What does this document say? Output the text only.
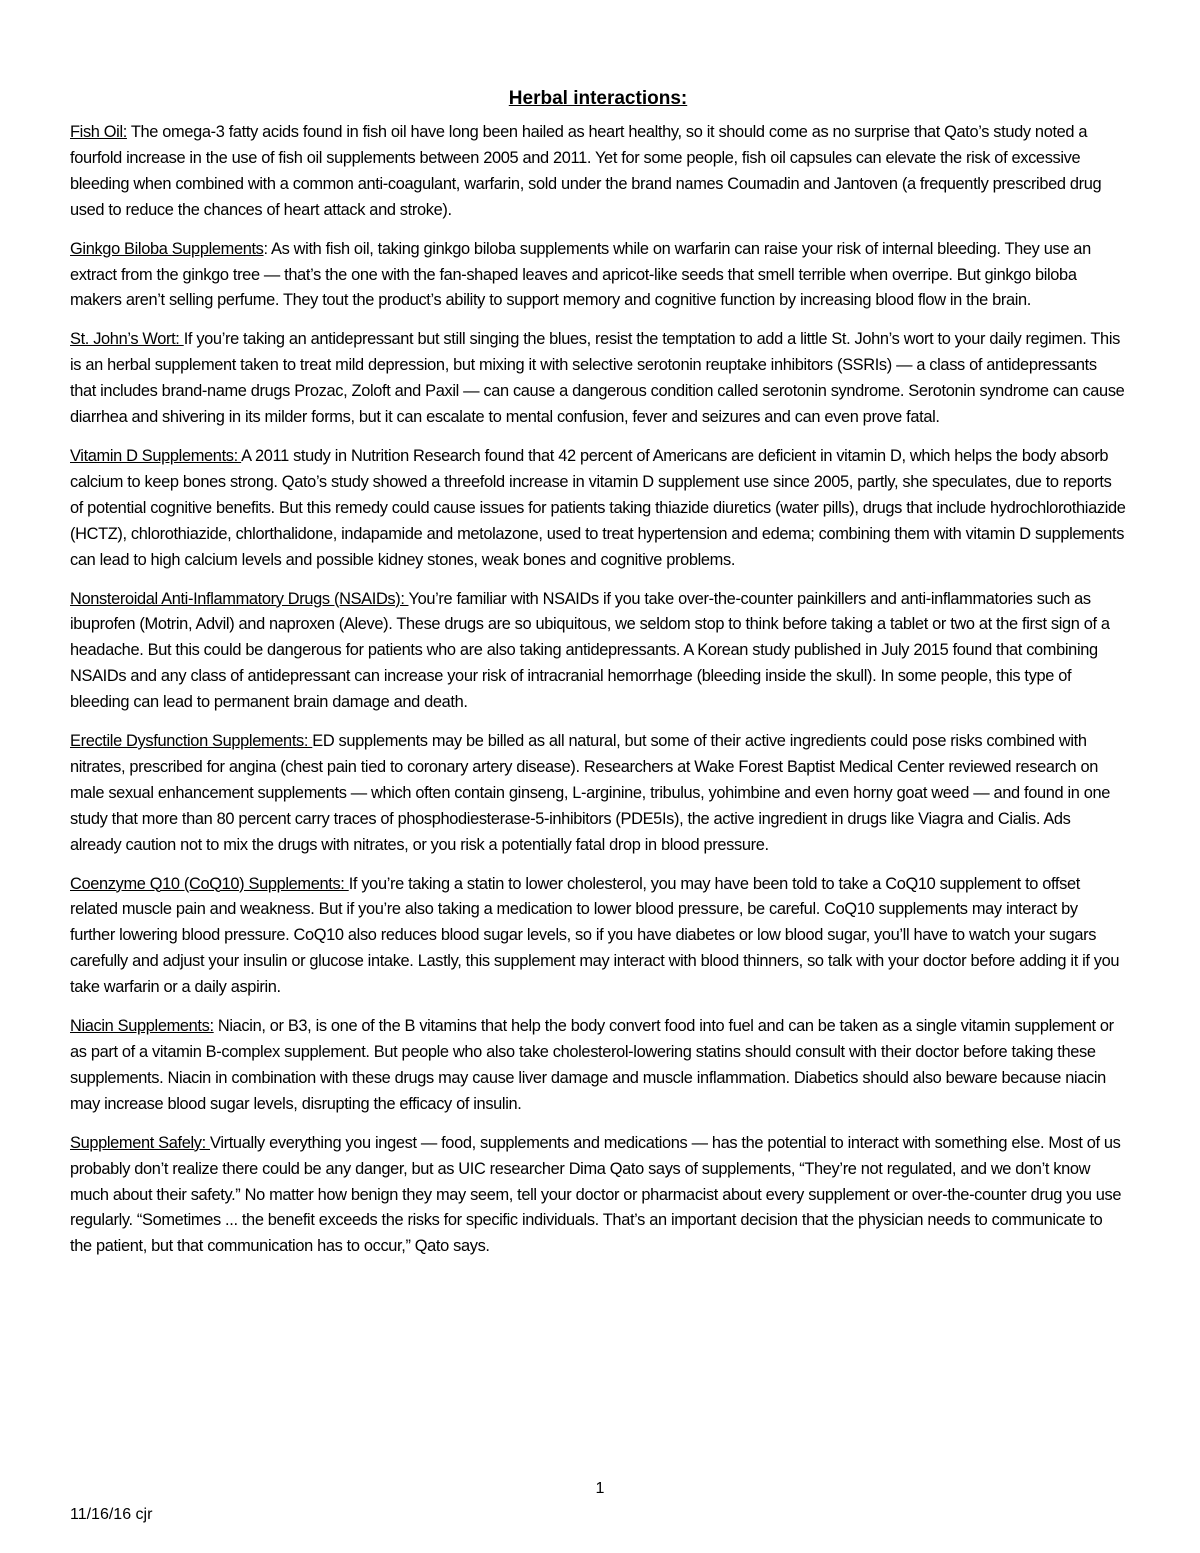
Herbal interactions:

Fish Oil: The omega-3 fatty acids found in fish oil have long been hailed as heart healthy, so it should come as no surprise that Qato’s study noted a fourfold increase in the use of fish oil supplements between 2005 and 2011. Yet for some people, fish oil capsules can elevate the risk of excessive bleeding when combined with a common anti-coagulant, warfarin, sold under the brand names Coumadin and Jantoven (a frequently prescribed drug used to reduce the chances of heart attack and stroke).

Ginkgo Biloba Supplements: As with fish oil, taking ginkgo biloba supplements while on warfarin can raise your risk of internal bleeding. They use an extract from the ginkgo tree — that’s the one with the fan-shaped leaves and apricot-like seeds that smell terrible when overripe. But ginkgo biloba makers aren’t selling perfume. They tout the product’s ability to support memory and cognitive function by increasing blood flow in the brain.

St. John’s Wort: If you’re taking an antidepressant but still singing the blues, resist the temptation to add a little St. John’s wort to your daily regimen. This is an herbal supplement taken to treat mild depression, but mixing it with selective serotonin reuptake inhibitors (SSRIs) — a class of antidepressants that includes brand-name drugs Prozac, Zoloft and Paxil — can cause a dangerous condition called serotonin syndrome. Serotonin syndrome can cause diarrhea and shivering in its milder forms, but it can escalate to mental confusion, fever and seizures and can even prove fatal.

Vitamin D Supplements: A 2011 study in Nutrition Research found that 42 percent of Americans are deficient in vitamin D, which helps the body absorb calcium to keep bones strong. Qato’s study showed a threefold increase in vitamin D supplement use since 2005, partly, she speculates, due to reports of potential cognitive benefits. But this remedy could cause issues for patients taking thiazide diuretics (water pills), drugs that include hydrochlorothiazide (HCTZ), chlorothiazide, chlorthalidone, indapamide and metolazone, used to treat hypertension and edema; combining them with vitamin D supplements can lead to high calcium levels and possible kidney stones, weak bones and cognitive problems.

Nonsteroidal Anti-Inflammatory Drugs (NSAIDs): You’re familiar with NSAIDs if you take over-the-counter painkillers and anti-inflammatories such as ibuprofen (Motrin, Advil) and naproxen (Aleve). These drugs are so ubiquitous, we seldom stop to think before taking a tablet or two at the first sign of a headache. But this could be dangerous for patients who are also taking antidepressants. A Korean study published in July 2015 found that combining NSAIDs and any class of antidepressant can increase your risk of intracranial hemorrhage (bleeding inside the skull). In some people, this type of bleeding can lead to permanent brain damage and death.

Erectile Dysfunction Supplements: ED supplements may be billed as all natural, but some of their active ingredients could pose risks combined with nitrates, prescribed for angina (chest pain tied to coronary artery disease). Researchers at Wake Forest Baptist Medical Center reviewed research on male sexual enhancement supplements — which often contain ginseng, L-arginine, tribulus, yohimbine and even horny goat weed — and found in one study that more than 80 percent carry traces of phosphodiesterase-5-inhibitors (PDE5Is), the active ingredient in drugs like Viagra and Cialis. Ads already caution not to mix the drugs with nitrates, or you risk a potentially fatal drop in blood pressure.

Coenzyme Q10 (CoQ10) Supplements: If you’re taking a statin to lower cholesterol, you may have been told to take a CoQ10 supplement to offset related muscle pain and weakness. But if you’re also taking a medication to lower blood pressure, be careful. CoQ10 supplements may interact by further lowering blood pressure. CoQ10 also reduces blood sugar levels, so if you have diabetes or low blood sugar, you’ll have to watch your sugars carefully and adjust your insulin or glucose intake. Lastly, this supplement may interact with blood thinners, so talk with your doctor before adding it if you take warfarin or a daily aspirin.

Niacin Supplements: Niacin, or B3, is one of the B vitamins that help the body convert food into fuel and can be taken as a single vitamin supplement or as part of a vitamin B-complex supplement. But people who also take cholesterol-lowering statins should consult with their doctor before taking these supplements. Niacin in combination with these drugs may cause liver damage and muscle inflammation. Diabetics should also beware because niacin may increase blood sugar levels, disrupting the efficacy of insulin.

Supplement Safely: Virtually everything you ingest — food, supplements and medications — has the potential to interact with something else. Most of us probably don’t realize there could be any danger, but as UIC researcher Dima Qato says of supplements, “They’re not regulated, and we don’t know much about their safety.” No matter how benign they may seem, tell your doctor or pharmacist about every supplement or over-the-counter drug you use regularly. “Sometimes ... the benefit exceeds the risks for specific individuals. That’s an important decision that the physician needs to communicate to the patient, but that communication has to occur,” Qato says.

1
11/16/16 cjr
